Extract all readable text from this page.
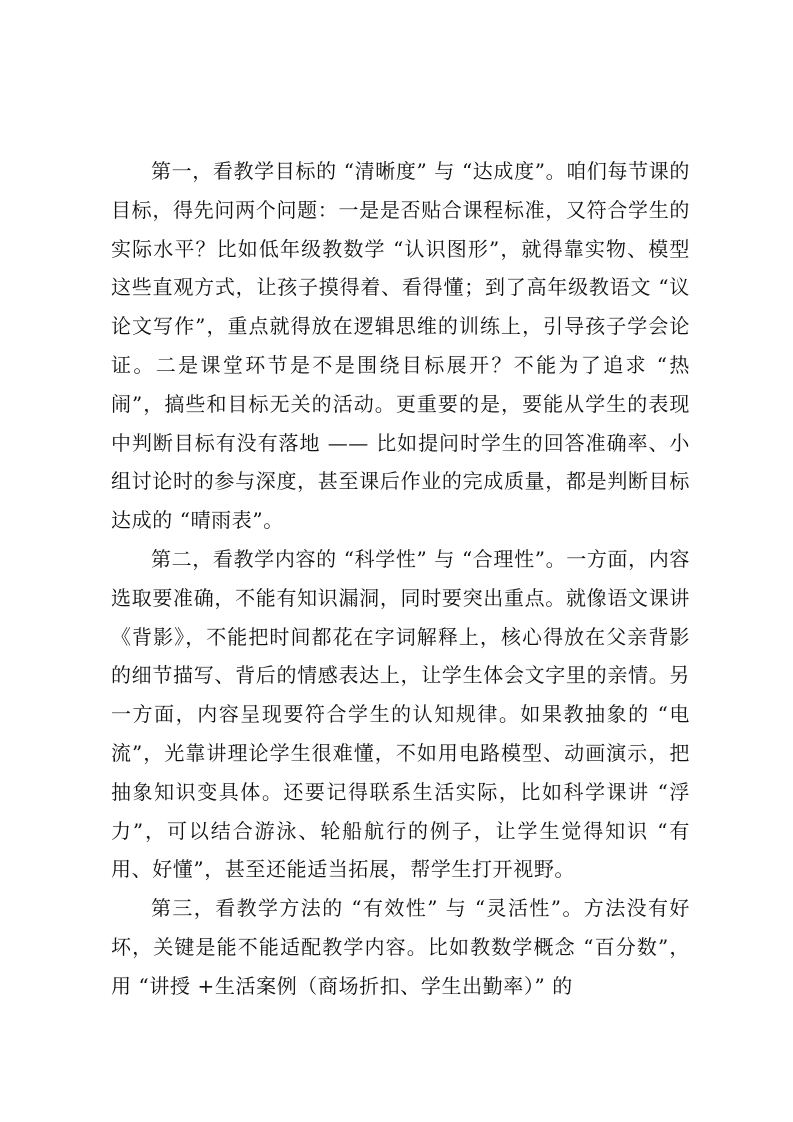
第一，看教学目标的 “清晰度” 与 “达成度”。咱们每节课的目标，得先问两个问题：一是是否贴合课程标准，又符合学生的实际水平？比如低年级教数学 “认识图形”，就得靠实物、模型这些直观方式，让孩子摸得着、看得懂；到了高年级教语文 “议论文写作”，重点就得放在逻辑思维的训练上，引导孩子学会论证。二是课堂环节是不是围绕目标展开？不能为了追求 “热闹”，搞些和目标无关的活动。更重要的是，要能从学生的表现中判断目标有没有落地 —— 比如提问时学生的回答准确率、小组讨论时的参与深度，甚至课后作业的完成质量，都是判断目标达成的 “晴雨表”。

第二，看教学内容的 “科学性” 与 “合理性”。一方面，内容选取要准确，不能有知识漏洞，同时要突出重点。就像语文课讲《背影》，不能把时间都花在字词解释上，核心得放在父亲背影的细节描写、背后的情感表达上，让学生体会文字里的亲情。另一方面，内容呈现要符合学生的认知规律。如果教抽象的 “电流”，光靠讲理论学生很难懂，不如用电路模型、动画演示，把抽象知识变具体。还要记得联系生活实际，比如科学课讲 “浮力”，可以结合游泳、轮船航行的例子，让学生觉得知识 “有用、好懂”，甚至还能适当拓展，帮学生打开视野。

第三，看教学方法的 “有效性” 与 “灵活性”。方法没有好坏，关键是能不能适配教学内容。比如教数学概念 “百分数”，用 “讲授 +生活案例（商场折扣、学生出勤率）” 的
